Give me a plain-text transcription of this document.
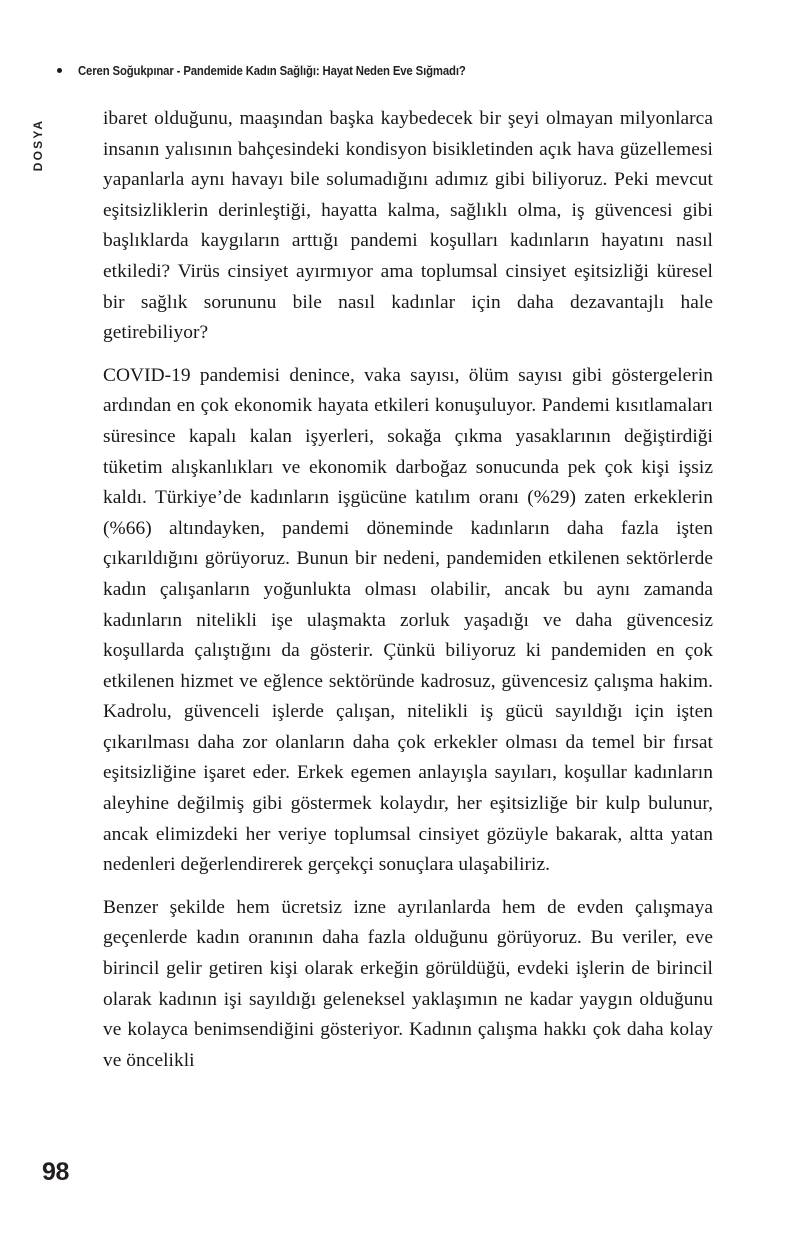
Ceren Soğukpınar - Pandemide Kadın Sağlığı: Hayat Neden Eve Sığmadı?
DOSYA

ibaret olduğunu, maaşından başka kaybedecek bir şeyi olmayan milyonlarca insanın yalısının bahçesindeki kondisyon bisikletinden açık hava güzellemesi yapanlarla aynı havayı bile solumadığını adımız gibi biliyoruz. Peki mevcut eşitsizliklerin derinleştiği, hayatta kalma, sağlıklı olma, iş güvencesi gibi başlıklarda kaygıların arttığı pandemi koşulları kadınların hayatını nasıl etkiledi? Virüs cinsiyet ayırmıyor ama toplumsal cinsiyet eşitsizliği küresel bir sağlık sorununu bile nasıl kadınlar için daha dezavantajlı hale getirebiliyor?

COVID-19 pandemisi denince, vaka sayısı, ölüm sayısı gibi göstergelerin ardından en çok ekonomik hayata etkileri konuşuluyor. Pandemi kısıtlamaları süresince kapalı kalan işyerleri, sokağa çıkma yasaklarının değiştirdiği tüketim alışkanlıkları ve ekonomik darboğaz sonucunda pek çok kişi işsiz kaldı. Türkiye’de kadınların işgücüne katılım oranı (%29) zaten erkeklerin (%66) altındayken, pandemi döneminde kadınların daha fazla işten çıkarıldığını görüyoruz. Bunun bir nedeni, pandemiden etkilenen sektörlerde kadın çalışanların yoğunlukta olması olabilir, ancak bu aynı zamanda kadınların nitelikli işe ulaşmakta zorluk yaşadığı ve daha güvencesiz koşullarda çalıştığını da gösterir. Çünkü biliyoruz ki pandemiden en çok etkilenen hizmet ve eğlence sektöründe kadrosuz, güvencesiz çalışma hakim. Kadrolu, güvenceli işlerde çalışan, nitelikli iş gücü sayıldığı için işten çıkarılması daha zor olanların daha çok erkekler olması da temel bir fırsat eşitsizliğine işaret eder. Erkek egemen anlayışla sayıları, koşullar kadınların aleyhine değilmiş gibi göstermek kolaydır, her eşitsizliğe bir kulp bulunur, ancak elimizdeki her veriye toplumsal cinsiyet gözüyle bakarak, altta yatan nedenleri değerlendirerek gerçekçi sonuçlara ulaşabiliriz.

Benzer şekilde hem ücretsiz izne ayrılanlarda hem de evden çalışmaya geçenlerde kadın oranının daha fazla olduğunu görüyoruz. Bu veriler, eve birincil gelir getiren kişi olarak erkeğin görüldüğü, evdeki işlerin de birincil olarak kadının işi sayıldığı geleneksel yaklaşımın ne kadar yaygın olduğunu ve kolayca benimsendiğini gösteriyor. Kadının çalışma hakkı çok daha kolay ve öncelikli

98
